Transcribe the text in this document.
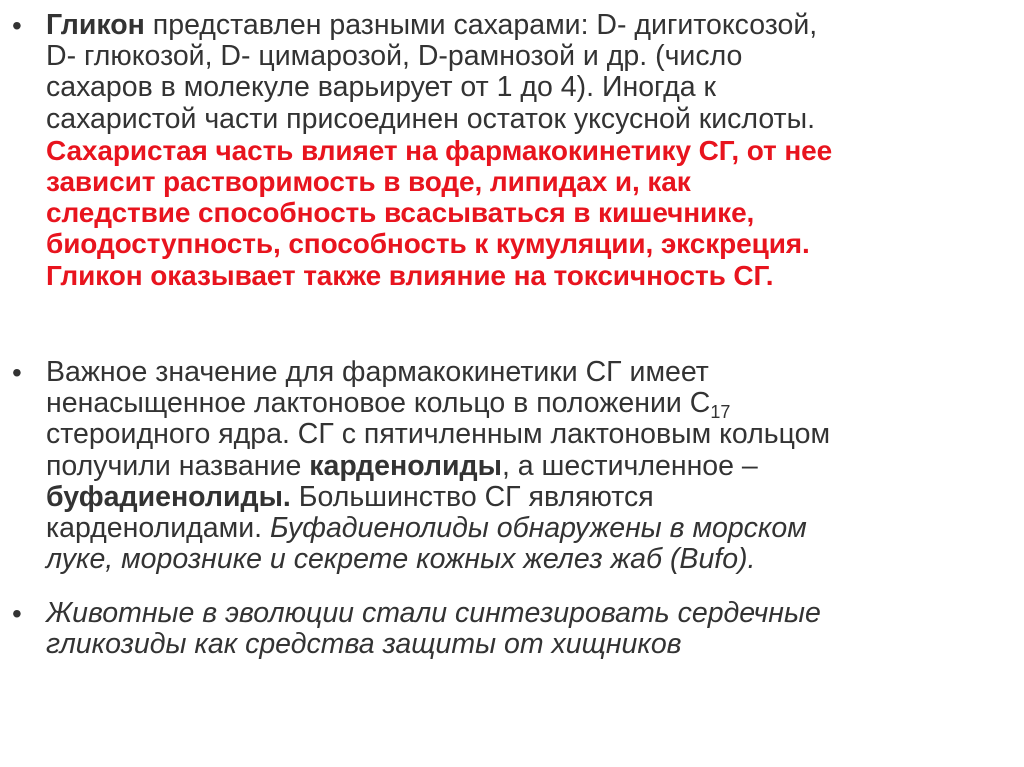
• Гликон представлен разными сахарами: D- дигитоксозой,
D- глюкозой, D- цимарозой, D-рамнозой и др. (число
сахаров в молекуле варьирует от 1 до 4). Иногда к
сахаристой части присоединен остаток уксусной кислоты.
Сахаристая часть влияет на фармакокинетику СГ, от нее
зависит растворимость в воде, липидах и, как
следствие способность всасываться в кишечнике,
биодоступность, способность к кумуляции, экскреция.
Гликон оказывает также влияние на токсичность СГ.
• Важное значение для фармакокинетики СГ имеет
ненасыщенное лактоновое кольцо в положении $С_{17}$
стероидного ядра. СГ с пятичленным лактоновым кольцом
получили название карденолиды, а шестичленное –
буфадиенолиды. Большинство СГ являются
карденолидами. Буфадиенолиды обнаружены в морском
луке, морознике и секрете кожных желез жаб (Bufo).
• Животные в эволюции стали синтезировать сердечные
гликозиды как средства защиты от хищников
